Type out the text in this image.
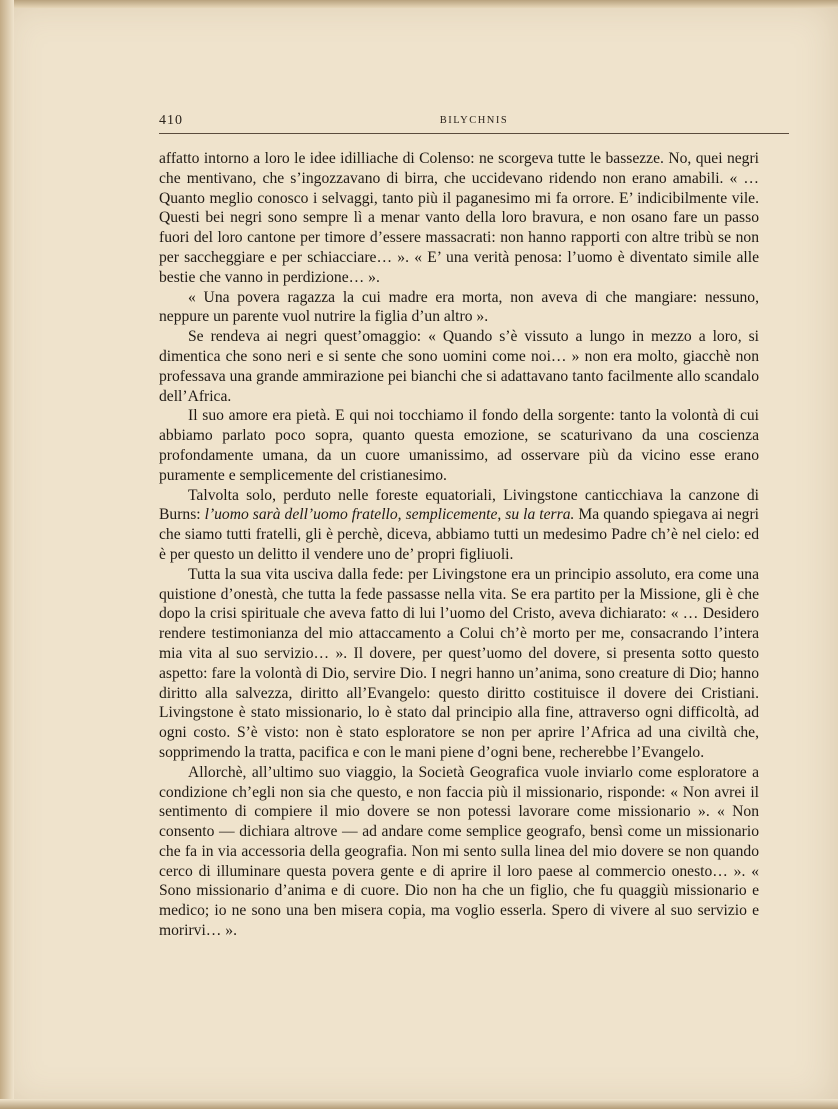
410	BILYCHNIS

affatto intorno a loro le idee idilliache di Colenso: ne scorgeva tutte le bassezze. No, quei negri che mentivano, che s’ingozzavano di birra, che uccidevano ridendo non erano amabili. « … Quanto meglio conosco i selvaggi, tanto più il paganesimo mi fa orrore. E’ indicibilmente vile. Questi bei negri sono sempre lì a menar vanto della loro bravura, e non osano fare un passo fuori del loro cantone per timore d’essere massacrati: non hanno rapporti con altre tribù se non per saccheggiare e per schiacciare… ». « E’ una verità penosa: l’uomo è diventato simile alle bestie che vanno in perdizione… ».

« Una povera ragazza la cui madre era morta, non aveva di che mangiare: nessuno, neppure un parente vuol nutrire la figlia d’un altro ».

Se rendeva ai negri quest’omaggio: « Quando s’è vissuto a lungo in mezzo a loro, si dimentica che sono neri e si sente che sono uomini come noi… » non era molto, giacchè non professava una grande ammirazione pei bianchi che si adattavano tanto facilmente allo scandalo dell’Africa.

Il suo amore era pietà. E qui noi tocchiamo il fondo della sorgente: tanto la volontà di cui abbiamo parlato poco sopra, quanto questa emozione, se scaturivano da una coscienza profondamente umana, da un cuore umanissimo, ad osservare più da vicino esse erano puramente e semplicemente del cristianesimo.

Talvolta solo, perduto nelle foreste equatoriali, Livingstone canticchiava la canzone di Burns: l’uomo sarà dell’uomo fratello, semplicemente, su la terra. Ma quando spiegava ai negri che siamo tutti fratelli, gli è perchè, diceva, abbiamo tutti un medesimo Padre ch’è nel cielo: ed è per questo un delitto il vendere uno de’ propri figliuoli.

Tutta la sua vita usciva dalla fede: per Livingstone era un principio assoluto, era come una quistione d’onestà, che tutta la fede passasse nella vita. Se era partito per la Missione, gli è che dopo la crisi spirituale che aveva fatto di lui l’uomo del Cristo, aveva dichiarato: « … Desidero rendere testimonianza del mio attaccamento a Colui ch’è morto per me, consacrando l’intera mia vita al suo servizio… ». Il dovere, per quest’uomo del dovere, si presenta sotto questo aspetto: fare la volontà di Dio, servire Dio. I negri hanno un’anima, sono creature di Dio; hanno diritto alla salvezza, diritto all’Evangelo: questo diritto costituisce il dovere dei Cristiani. Livingstone è stato missionario, lo è stato dal principio alla fine, attraverso ogni difficoltà, ad ogni costo. S’è visto: non è stato esploratore se non per aprire l’Africa ad una civiltà che, sopprimendo la tratta, pacifica e con le mani piene d’ogni bene, recherebbe l’Evangelo.

Allorchè, all’ultimo suo viaggio, la Società Geografica vuole inviarlo come esploratore a condizione ch’egli non sia che questo, e non faccia più il missionario, risponde: « Non avrei il sentimento di compiere il mio dovere se non potessi lavorare come missionario ». « Non consento — dichiara altrove — ad andare come semplice geografo, bensì come un missionario che fa in via accessoria della geografia. Non mi sento sulla linea del mio dovere se non quando cerco di illuminare questa povera gente e di aprire il loro paese al commercio onesto… ». « Sono missionario d’anima e di cuore. Dio non ha che un figlio, che fu quaggiù missionario e medico; io ne sono una ben misera copia, ma voglio esserla. Spero di vivere al suo servizio e morirvi… ».
